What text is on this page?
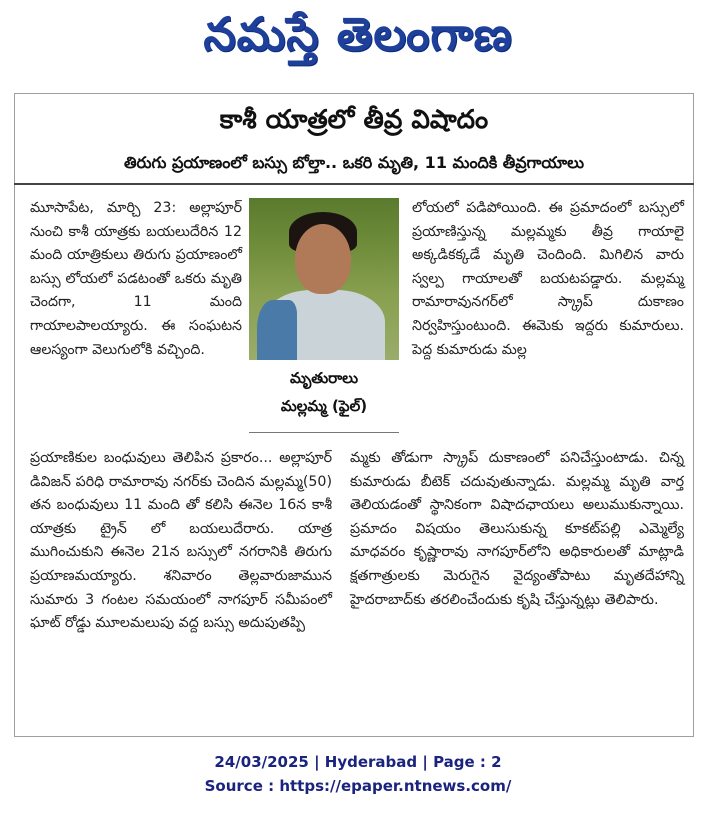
నమస్తే తెలంగాణ
కాశీ యాత్రలో తీవ్ర విషాదం
తిరుగు ప్రయాణంలో బస్సు బోల్తా.. ఒకరి మృతి, 11 మందికి తీవ్రగాయాలు

మూసాపేట, మార్చి 23: అల్లాపూర్ నుంచి కాశీ యాత్రకు బయలుదేరిన 12 మంది యాత్రికులు తిరుగు ప్రయాణంలో బస్సు లోయలో పడటంతో ఒకరు మృతి చెందగా, 11 మంది గాయాలపాలయ్యారు. ఈ సంఘటన ఆలస్యంగా వెలుగులోకి వచ్చింది.

మృతురాలు
మల్లమ్మ (ఫైల్)

లోయలో పడిపోయింది. ఈ ప్రమాదంలో బస్సులో ప్రయాణిస్తున్న మల్లమ్మకు తీవ్ర గాయాలై అక్కడికక్కడే మృతి చెందింది. మిగిలిన వారు స్వల్ప గాయాలతో బయటపడ్డారు. మల్లమ్మ రామారావునగర్‌లో స్క్రాప్ దుకాణం నిర్వహిస్తుంటుంది. ఈమెకు ఇద్దరు కుమారులు. పెద్ద కుమారుడు మల్ల

ప్రయాణికుల బంధువులు తెలిపిన ప్రకారం... అల్లాపూర్ డివిజన్ పరిధి రామారావు నగర్‌కు చెందిన మల్లమ్మ(50) తన బంధువులు 11 మంది తో కలిసి ఈనెల 16న కాశీ యాత్రకు ట్రైన్ లో బయలుదేరారు. యాత్ర ముగించుకుని ఈనెల 21న బస్సులో నగరానికి తిరుగు ప్రయాణమయ్యారు. శనివారం తెల్లవారుజామున సుమారు 3 గంటల సమయంలో నాగపూర్ సమీపంలో ఘాట్ రోడ్డు మూలమలుపు వద్ద బస్సు అదుపుతప్పి

మ్మకు తోడుగా స్క్రాప్ దుకాణంలో పనిచేస్తుంటాడు. చిన్న కుమారుడు బీటెక్ చదువుతున్నాడు. మల్లమ్మ మృతి వార్త తెలియడంతో స్థానికంగా విషాదఛాయలు అలుముకున్నాయి. ప్రమాదం విషయం తెలుసుకున్న కూకట్‌పల్లి ఎమ్మెల్యే మాధవరం కృష్ణారావు నాగపూర్‌లోని అధికారులతో మాట్లాడి క్షతగాత్రులకు మెరుగైన వైద్యంతోపాటు మృతదేహాన్ని హైదరాబాద్‌కు తరలించేందుకు కృషి చేస్తున్నట్లు తెలిపారు.

24/03/2025 | Hyderabad | Page : 2
Source : https://epaper.ntnews.com/
